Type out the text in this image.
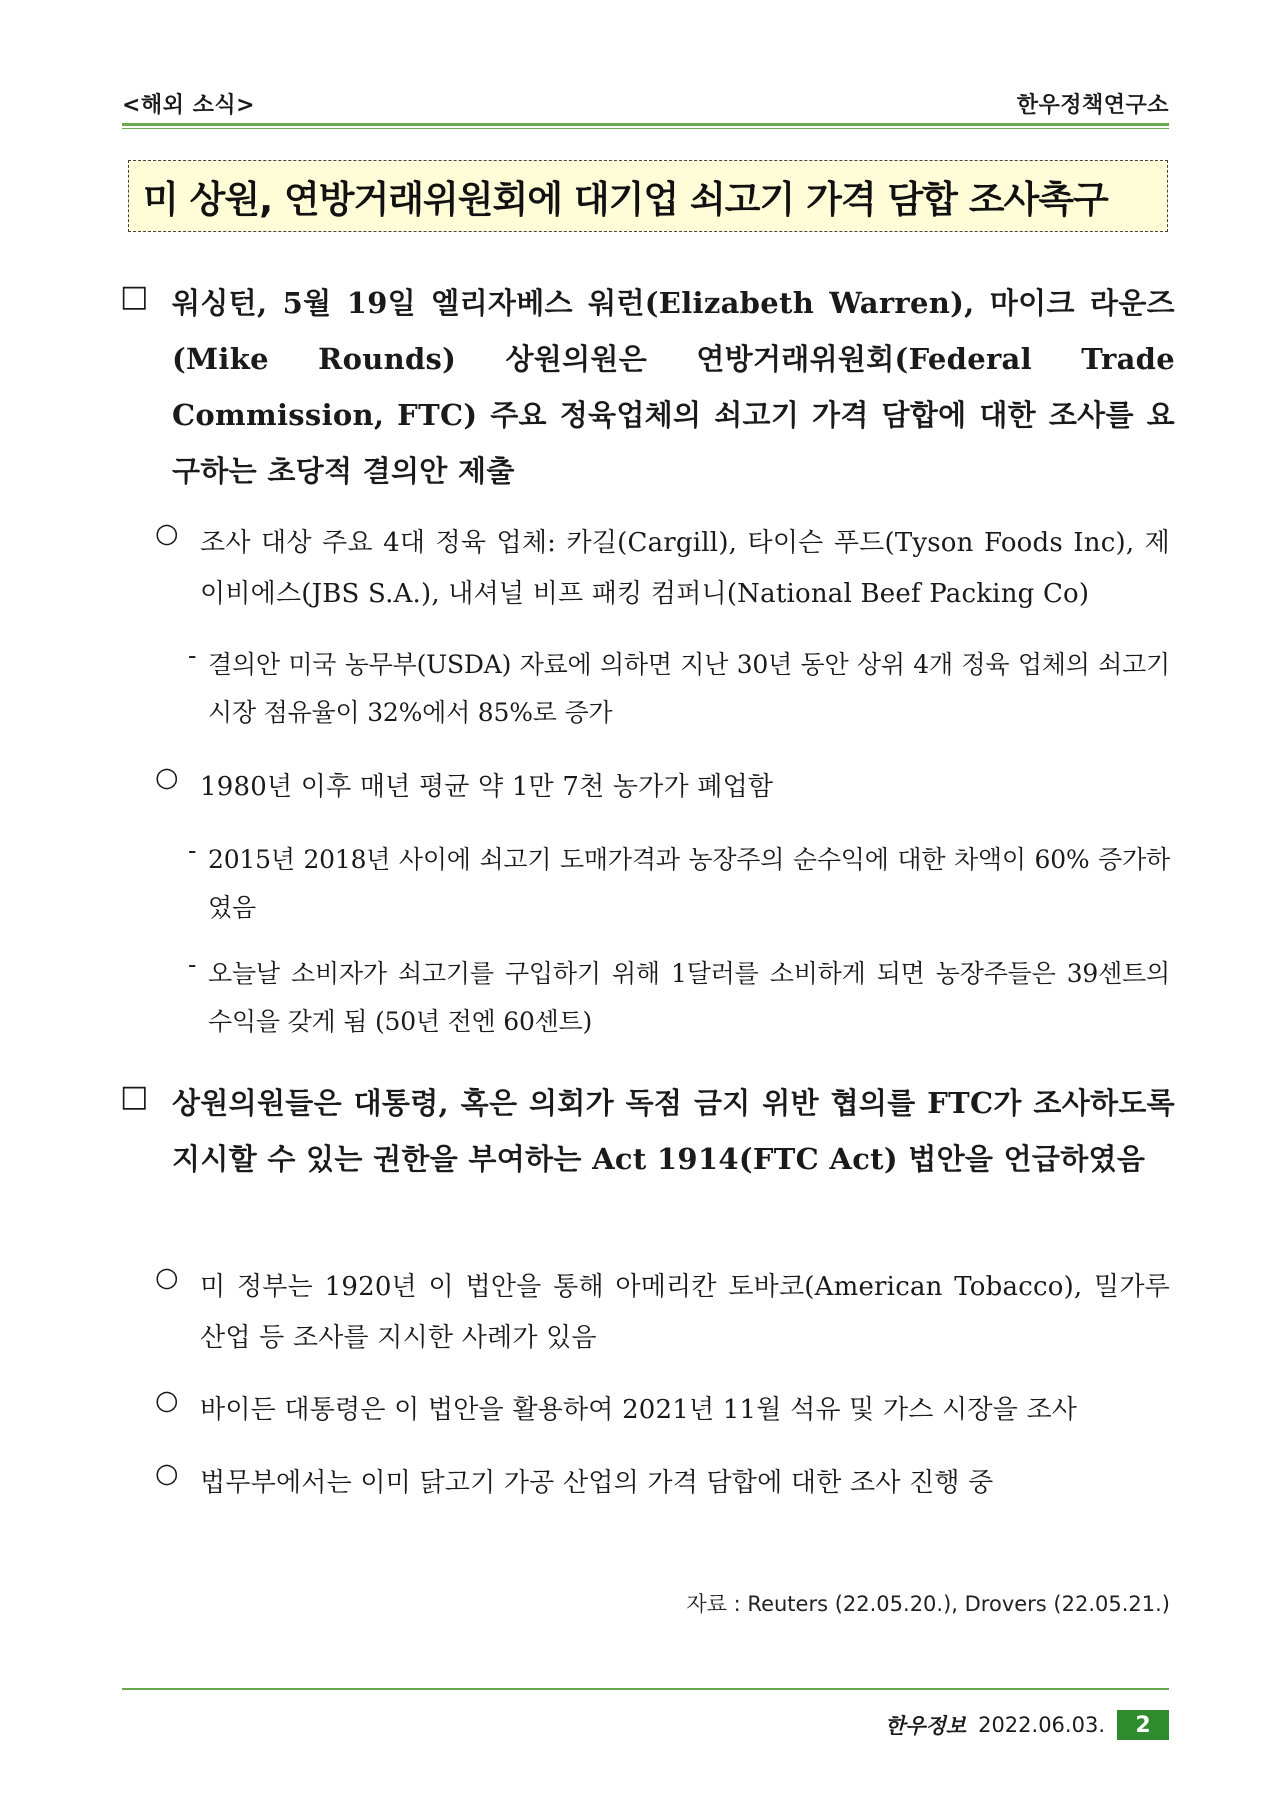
<해외 소식>	한우정책연구소
미 상원, 연방거래위원회에 대기업 쇠고기 가격 담합 조사촉구
□ 워싱턴, 5월 19일 엘리자베스 워런(Elizabeth Warren), 마이크 라운즈(Mike Rounds) 상원의원은 연방거래위원회(Federal Trade Commission, FTC) 주요 정육업체의 쇠고기 가격 담합에 대한 조사를 요구하는 초당적 결의안 제출
○ 조사 대상 주요 4대 정육 업체: 카길(Cargill), 타이슨 푸드(Tyson Foods Inc), 제이비에스(JBS S.A.), 내셔널 비프 패킹 컴퍼니(National Beef Packing Co)
- 결의안 미국 농무부(USDA) 자료에 의하면 지난 30년 동안 상위 4개 정육 업체의 쇠고기 시장 점유율이 32%에서 85%로 증가
○ 1980년 이후 매년 평균 약 1만 7천 농가가 폐업함
- 2015년 2018년 사이에 쇠고기 도매가격과 농장주의 순수익에 대한 차액이 60% 증가하였음
- 오늘날 소비자가 쇠고기를 구입하기 위해 1달러를 소비하게 되면 농장주들은 39센트의 수익을 갖게 됨 (50년 전엔 60센트)
□ 상원의원들은 대통령, 혹은 의회가 독점 금지 위반 협의를 FTC가 조사하도록 지시할 수 있는 권한을 부여하는 Act 1914(FTC Act) 법안을 언급하였음
○ 미 정부는 1920년 이 법안을 통해 아메리칸 토바코(American Tobacco), 밀가루 산업 등 조사를 지시한 사례가 있음
○ 바이든 대통령은 이 법안을 활용하여 2021년 11월 석유 및 가스 시장을 조사
○ 법무부에서는 이미 닭고기 가공 산업의 가격 담합에 대한 조사 진행 중
자료 : Reuters (22.05.20.), Drovers (22.05.21.)
한우정보 2022.06.03.	2
